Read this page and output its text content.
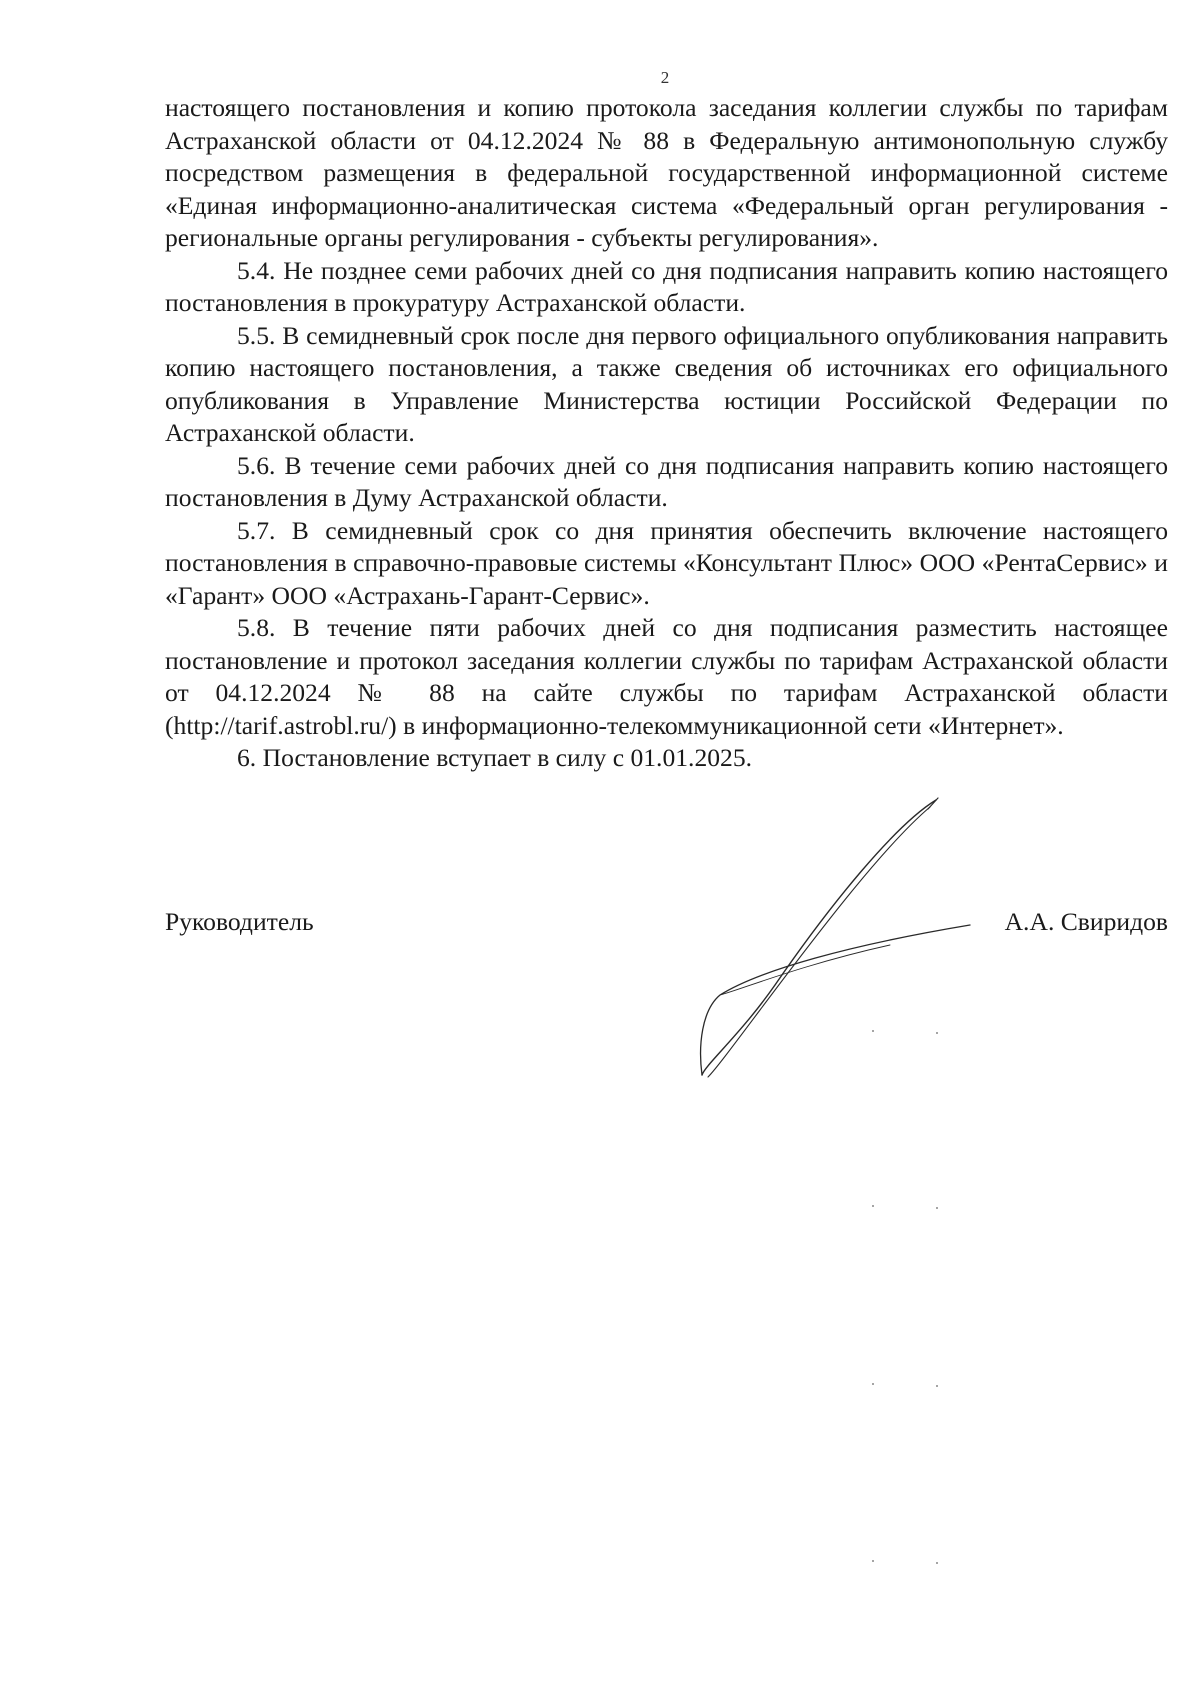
2

настоящего постановления и копию протокола заседания коллегии службы по тарифам Астраханской области от 04.12.2024 № 88 в Федеральную антимонопольную службу посредством размещения в федеральной государственной информационной системе «Единая информационно-аналитическая система «Федеральный орган регулирования - региональные органы регулирования - субъекты регулирования».

5.4. Не позднее семи рабочих дней со дня подписания направить копию настоящего постановления в прокуратуру Астраханской области.

5.5. В семидневный срок после дня первого официального опубликования направить копию настоящего постановления, а также сведения об источниках его официального опубликования в Управление Министерства юстиции Российской Федерации по Астраханской области.

5.6. В течение семи рабочих дней со дня подписания направить копию настоящего постановления в Думу Астраханской области.

5.7. В семидневный срок со дня принятия обеспечить включение настоящего постановления в справочно-правовые системы «Консультант Плюс» ООО «РентаСервис» и «Гарант» ООО «Астрахань-Гарант-Сервис».

5.8. В течение пяти рабочих дней со дня подписания разместить настоящее постановление и протокол заседания коллегии службы по тарифам Астраханской области от 04.12.2024 № 88 на сайте службы по тарифам Астраханской области (http://tarif.astrobl.ru/) в информационно-телекоммуникационной сети «Интернет».

6. Постановление вступает в силу с 01.01.2025.

Руководитель	А.А. Свиридов
